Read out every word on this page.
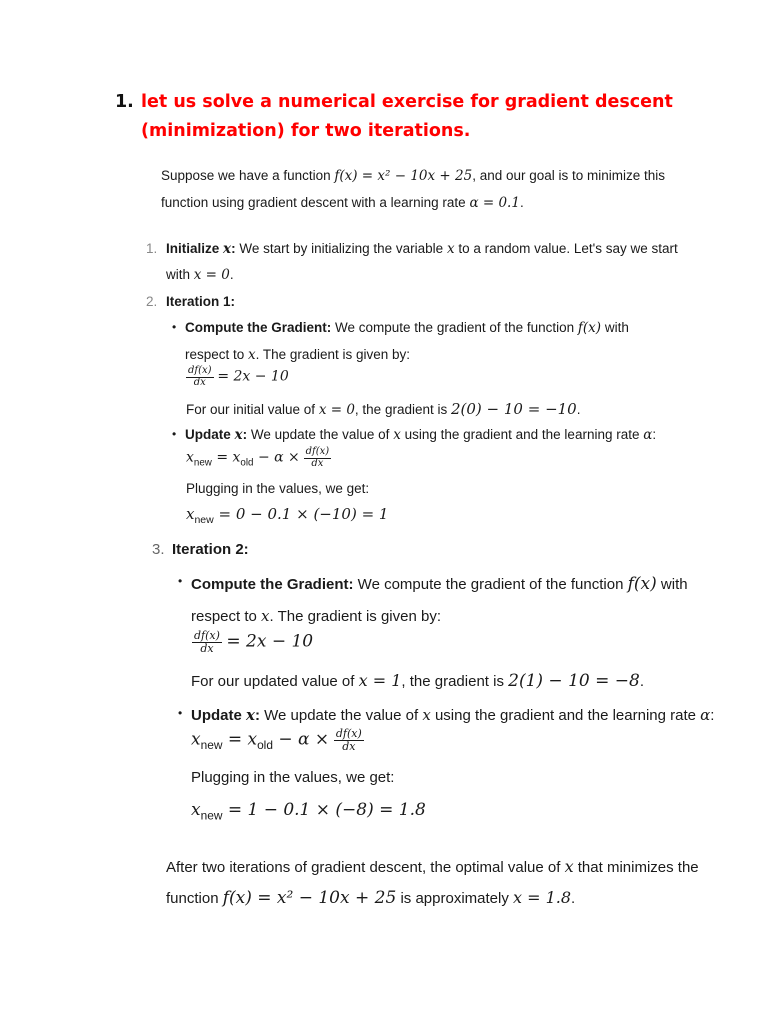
1. let us solve a numerical exercise for gradient descent (minimization) for two iterations.
Suppose we have a function f(x) = x² − 10x + 25, and our goal is to minimize this
function using gradient descent with a learning rate α = 0.1.
1. Initialize x: We start by initializing the variable x to a random value. Let's say we start
with x = 0.
2. Iteration 1:
• Compute the Gradient: We compute the gradient of the function f(x) with
respect to x. The gradient is given by:
$\frac{df(x)}{dx} = 2x - 10$
For our initial value of x = 0, the gradient is 2(0) − 10 = −10.
• Update x: We update the value of x using the gradient and the learning rate α:
$x_{new} = x_{old} - \alpha \times \frac{df(x)}{dx}$
Plugging in the values, we get:
$x_{new} = 0 - 0.1 \times (-10) = 1$
3. Iteration 2:
• Compute the Gradient: We compute the gradient of the function f(x) with
respect to x. The gradient is given by:
$\frac{df(x)}{dx} = 2x - 10$
For our updated value of x = 1, the gradient is 2(1) − 10 = −8.
• Update x: We update the value of x using the gradient and the learning rate α:
$x_{new} = x_{old} - \alpha \times \frac{df(x)}{dx}$
Plugging in the values, we get:
$x_{new} = 1 - 0.1 \times (-8) = 1.8$
After two iterations of gradient descent, the optimal value of x that minimizes the
function f(x) = x² − 10x + 25 is approximately x = 1.8.
